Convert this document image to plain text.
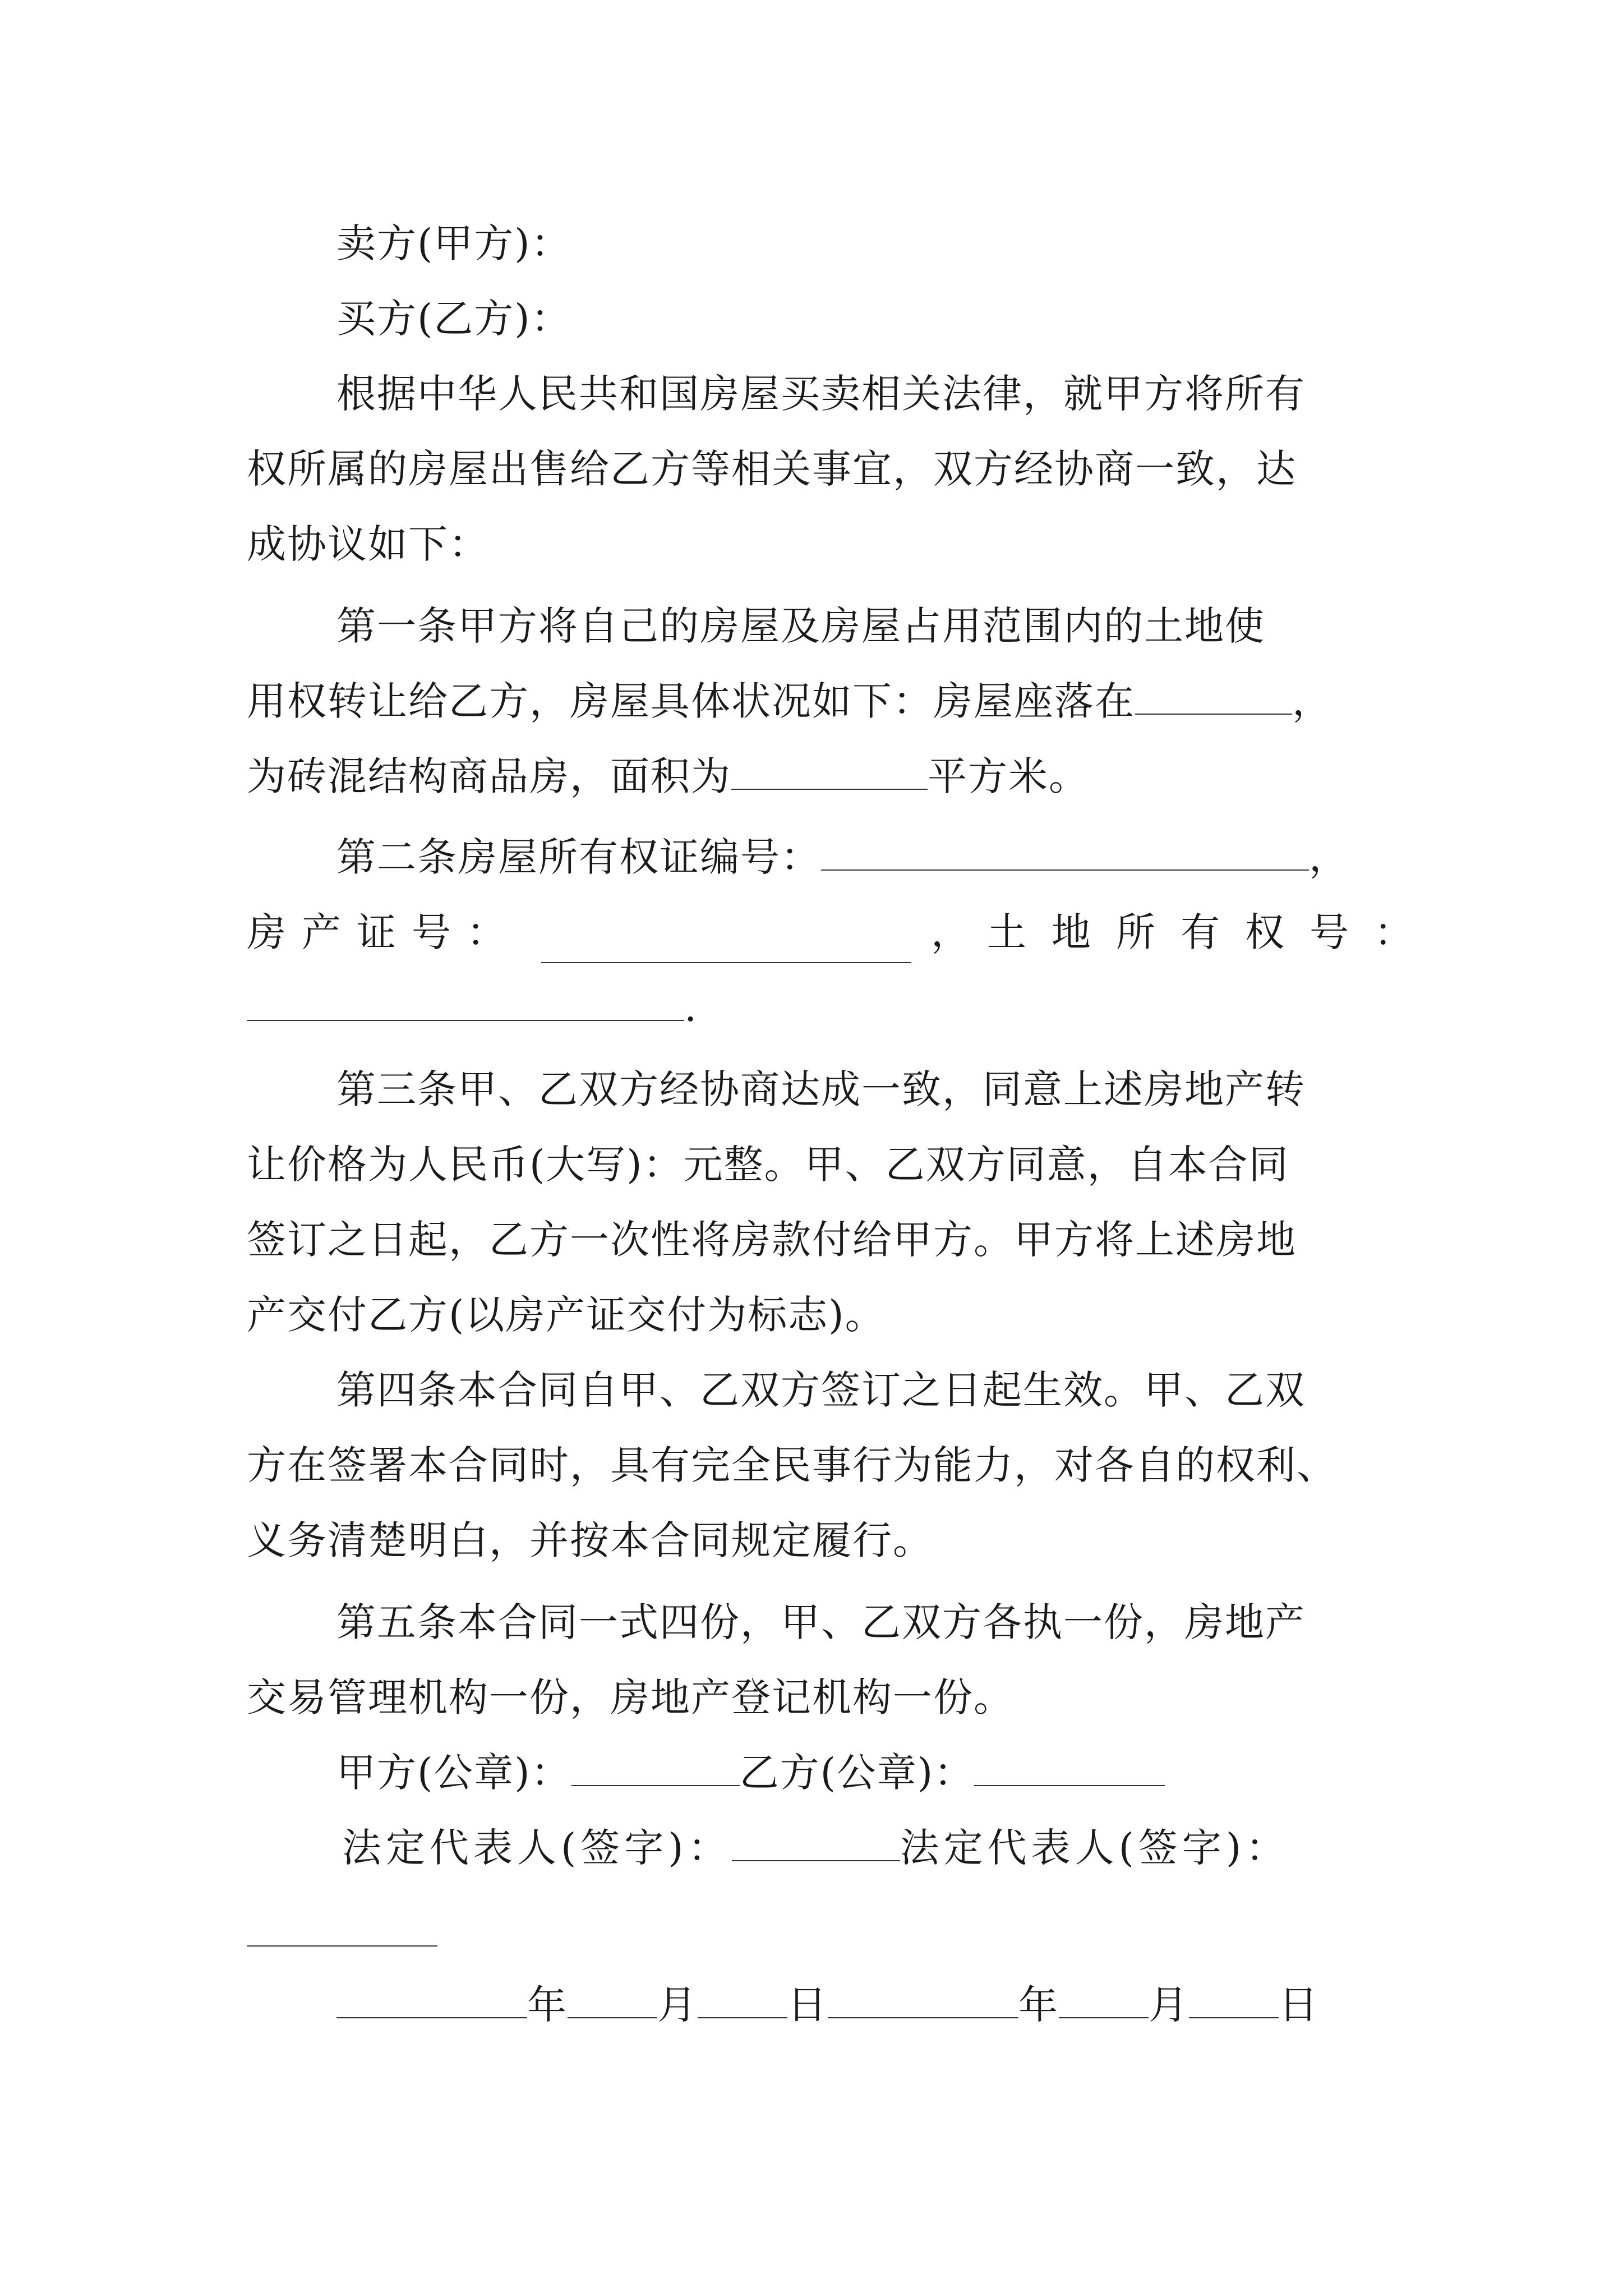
卖方(甲方)：
买方(乙方)：
根据中华人民共和国房屋买卖相关法律，就甲方将所有
权所属的房屋出售给乙方等相关事宜，双方经协商一致，达
成协议如下：
第一条甲方将自己的房屋及房屋占用范围内的土地使
用权转让给乙方，房屋具体状况如下：房屋座落在	，
为砖混结构商品房，面积为	平方米。
第二条房屋所有权证编号：	，
房产证号：	， 土地所有权号：
.
第三条甲、乙双方经协商达成一致，同意上述房地产转
让价格为人民币(大写)：元整。甲、乙双方同意，自本合同
签订之日起，乙方一次性将房款付给甲方。甲方将上述房地
产交付乙方(以房产证交付为标志)。
第四条本合同自甲、乙双方签订之日起生效。甲、乙双
方在签署本合同时，具有完全民事行为能力，对各自的权利、
义务清楚明白，并按本合同规定履行。
第五条本合同一式四份，甲、乙双方各执一份，房地产
交易管理机构一份，房地产登记机构一份。
甲方(公章)：	乙方(公章)：
法定代表人(签字)：	法定代表人(签字)：
年 月 日	年 月 日
